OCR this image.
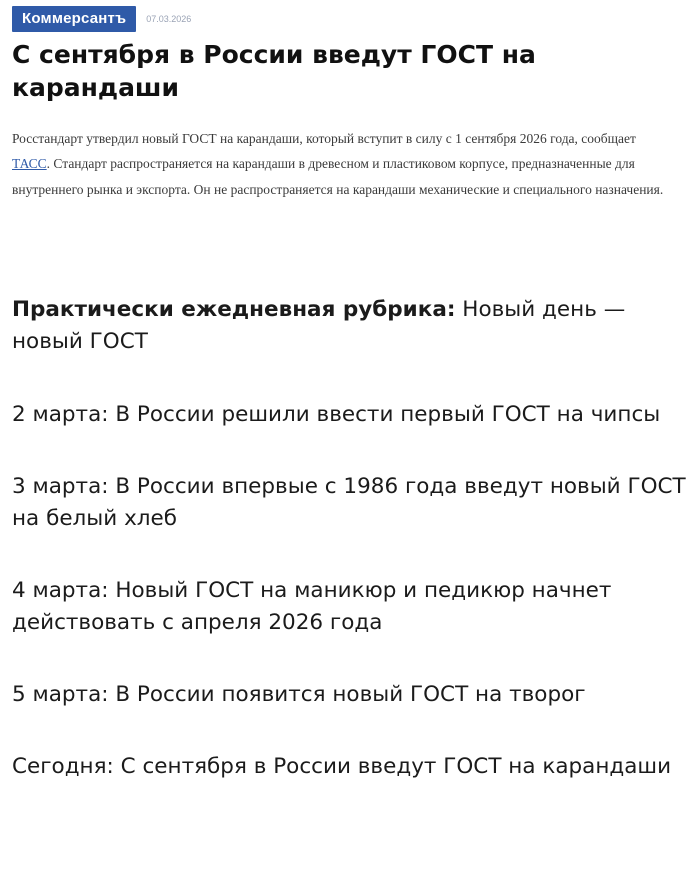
Коммерсантъ	07.03.2026
С сентября в России введут ГОСТ на карандаши

Росстандарт утвердил новый ГОСТ на карандаши, который вступит в силу с 1 сентября 2026 года, сообщает ТАСС. Стандарт распространяется на карандаши в древесном и пластиковом корпусе, предназначенные для внутреннего рынка и экспорта. Он не распространяется на карандаши механические и специального назначения.

Практически ежедневная рубрика: Новый день — новый ГОСТ

2 марта: В России решили ввести первый ГОСТ на чипсы

3 марта: В России впервые с 1986 года введут новый ГОСТ на белый хлеб

4 марта: Новый ГОСТ на маникюр и педикюр начнет действовать с апреля 2026 года

5 марта: В России появится новый ГОСТ на творог

Сегодня: С сентября в России введут ГОСТ на карандаши
